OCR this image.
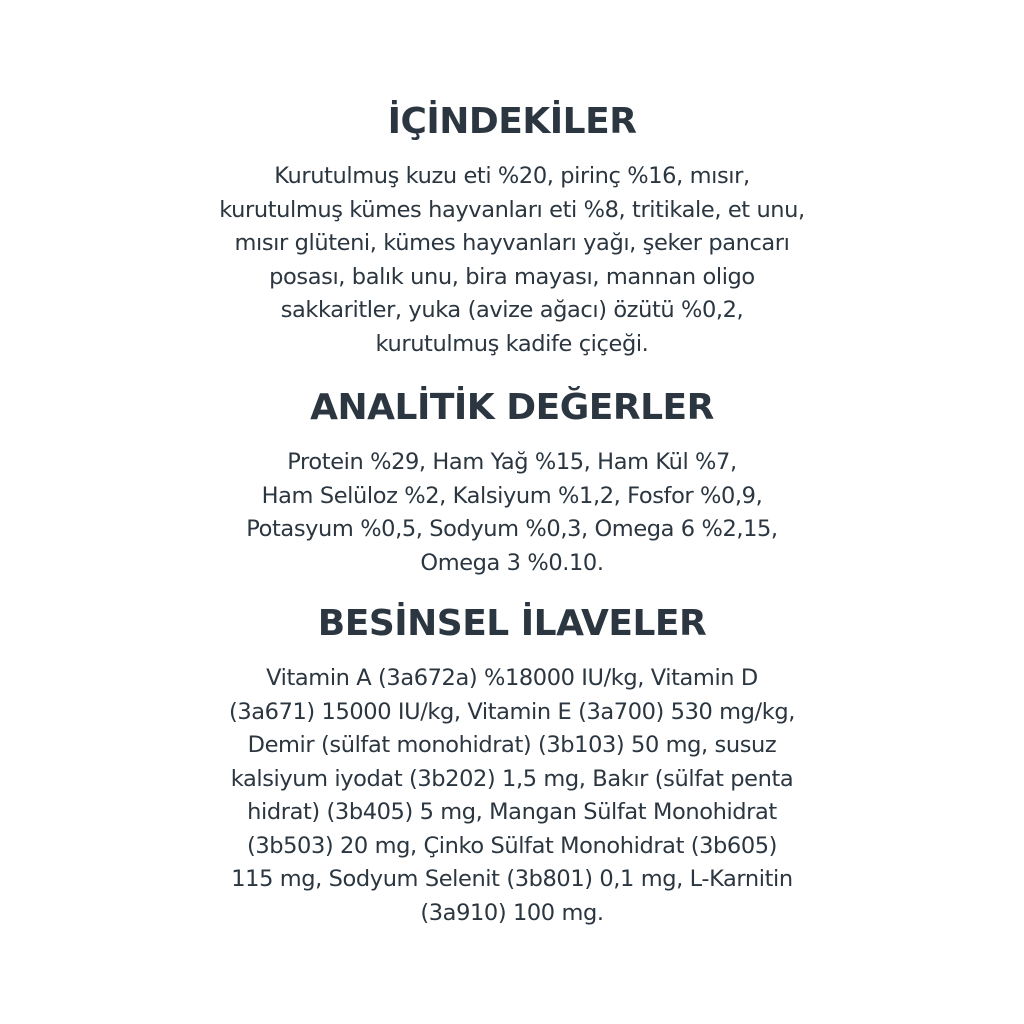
İÇİNDEKİLER
Kurutulmuş kuzu eti %20, pirinç %16, mısır,
kurutulmuş kümes hayvanları eti %8, tritikale, et unu,
mısır glüteni, kümes hayvanları yağı, şeker pancarı
posası, balık unu, bira mayası, mannan oligo
sakkaritler, yuka (avize ağacı) özütü %0,2,
kurutulmuş kadife çiçeği.
ANALİTİK DEĞERLER
Protein %29, Ham Yağ %15, Ham Kül %7,
Ham Selüloz %2, Kalsiyum %1,2, Fosfor %0,9,
Potasyum %0,5, Sodyum %0,3, Omega 6 %2,15,
Omega 3 %0.10.
BESİNSEL İLAVELER
Vitamin A (3a672a) %18000 IU/kg, Vitamin D
(3a671) 15000 IU/kg, Vitamin E (3a700) 530 mg/kg,
Demir (sülfat monohidrat) (3b103) 50 mg, susuz
kalsiyum iyodat (3b202) 1,5 mg, Bakır (sülfat penta
hidrat) (3b405) 5 mg, Mangan Sülfat Monohidrat
(3b503) 20 mg, Çinko Sülfat Monohidrat (3b605)
115 mg, Sodyum Selenit (3b801) 0,1 mg, L-Karnitin
(3a910) 100 mg.
